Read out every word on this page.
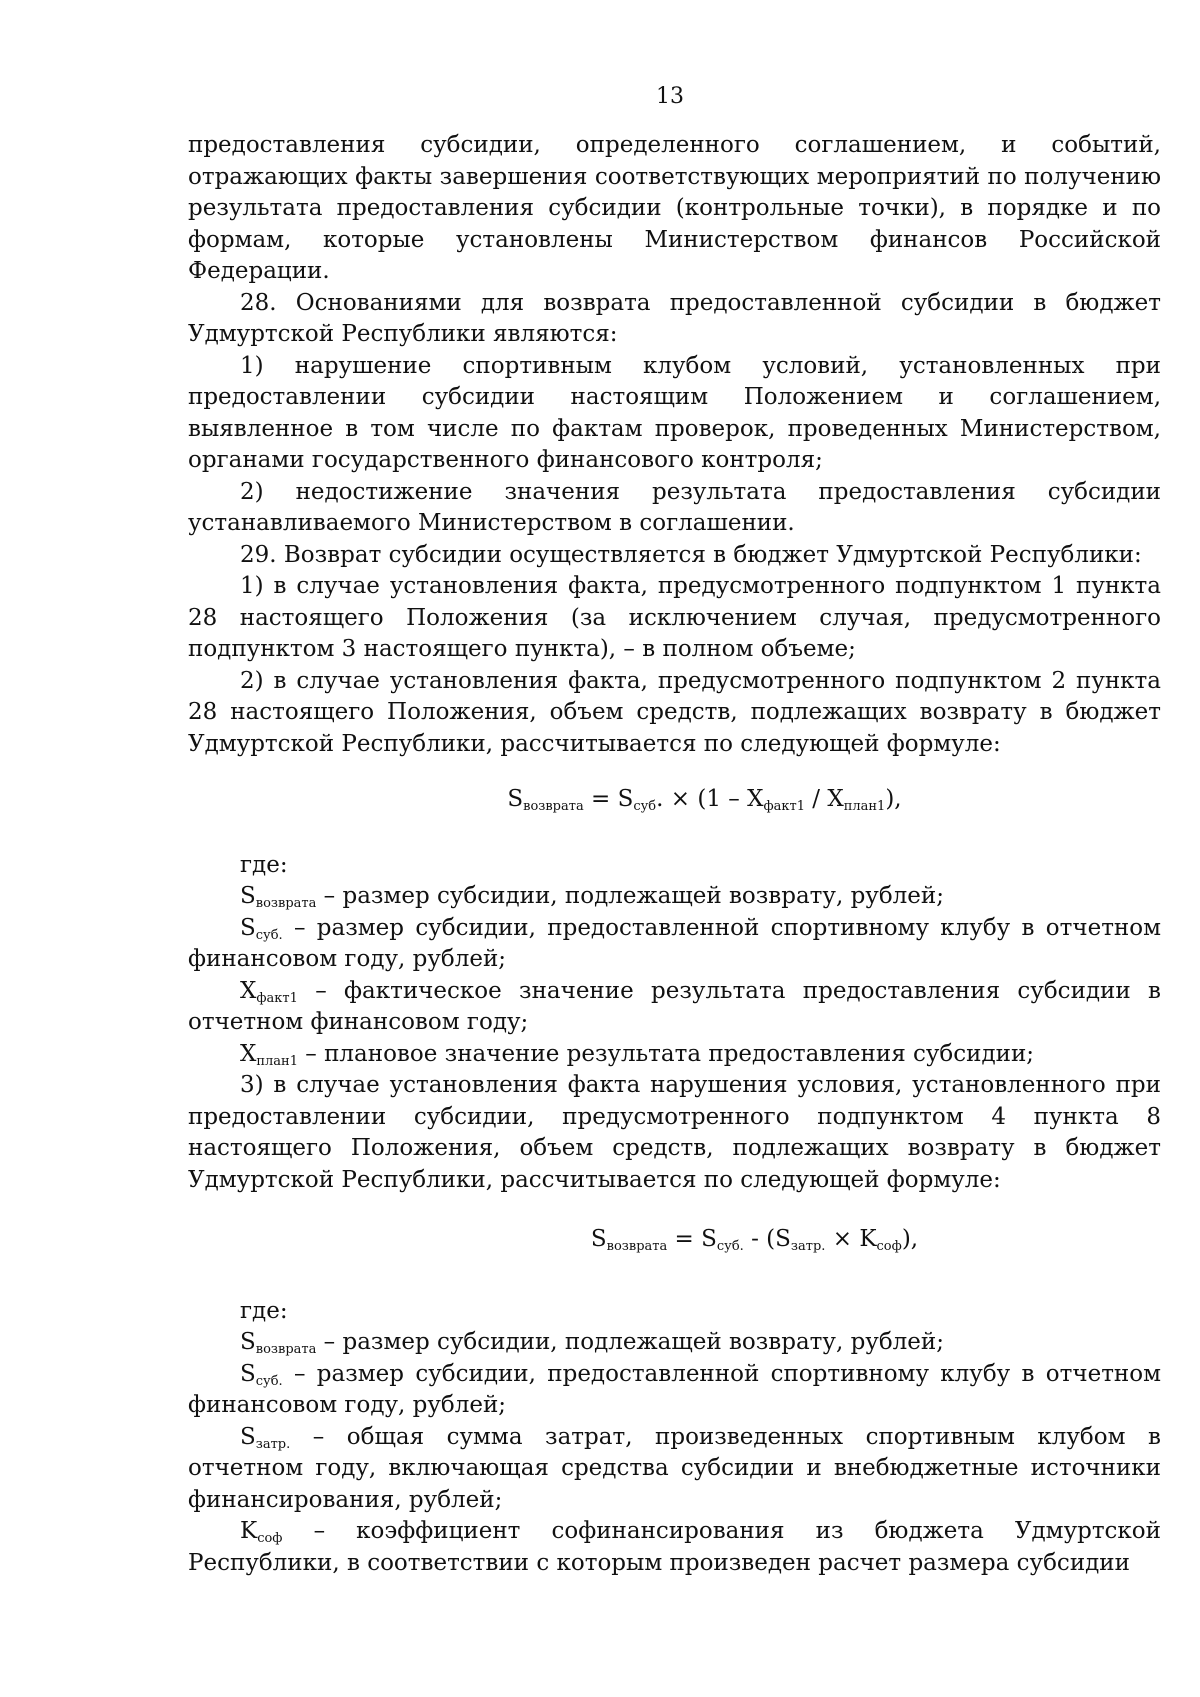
13

предоставления субсидии, определенного соглашением, и событий, отражающих факты завершения соответствующих мероприятий по получению результата предоставления субсидии (контрольные точки), в порядке и по формам, которые установлены Министерством финансов Российской Федерации.

28. Основаниями для возврата предоставленной субсидии в бюджет Удмуртской Республики являются:

1) нарушение спортивным клубом условий, установленных при предоставлении субсидии настоящим Положением и соглашением, выявленное в том числе по фактам проверок, проведенных Министерством, органами государственного финансового контроля;

2) недостижение значения результата предоставления субсидии устанавливаемого Министерством в соглашении.

29. Возврат субсидии осуществляется в бюджет Удмуртской Республики:

1) в случае установления факта, предусмотренного подпунктом 1 пункта 28 настоящего Положения (за исключением случая, предусмотренного подпунктом 3 настоящего пункта), – в полном объеме;

2) в случае установления факта, предусмотренного подпунктом 2 пункта 28 настоящего Положения, объем средств, подлежащих возврату в бюджет Удмуртской Республики, рассчитывается по следующей формуле:

$S_{возврата} = S_{суб}$. × $(1 - X_{факт1} / X_{план1})$,

где:

$S_{возврата}$ – размер субсидии, подлежащей возврату, рублей;

$S_{суб.}$ – размер субсидии, предоставленной спортивному клубу в отчетном финансовом году, рублей;

$X_{факт1}$ – фактическое значение результата предоставления субсидии в отчетном финансовом году;

$X_{план1}$ – плановое значение результата предоставления субсидии;

3) в случае установления факта нарушения условия, установленного при предоставлении субсидии, предусмотренного подпунктом 4 пункта 8 настоящего Положения, объем средств, подлежащих возврату в бюджет Удмуртской Республики, рассчитывается по следующей формуле:

$S_{возврата} = S_{суб.} - (S_{затр.} \times K_{соф})$,

где:

$S_{возврата}$ – размер субсидии, подлежащей возврату, рублей;

$S_{суб.}$ – размер субсидии, предоставленной спортивному клубу в отчетном финансовом году, рублей;

$S_{затр.}$ – общая сумма затрат, произведенных спортивным клубом в отчетном году, включающая средства субсидии и внебюджетные источники финансирования, рублей;

$K_{соф}$ – коэффициент софинансирования из бюджета Удмуртской Республики, в соответствии с которым произведен расчет размера субсидии
